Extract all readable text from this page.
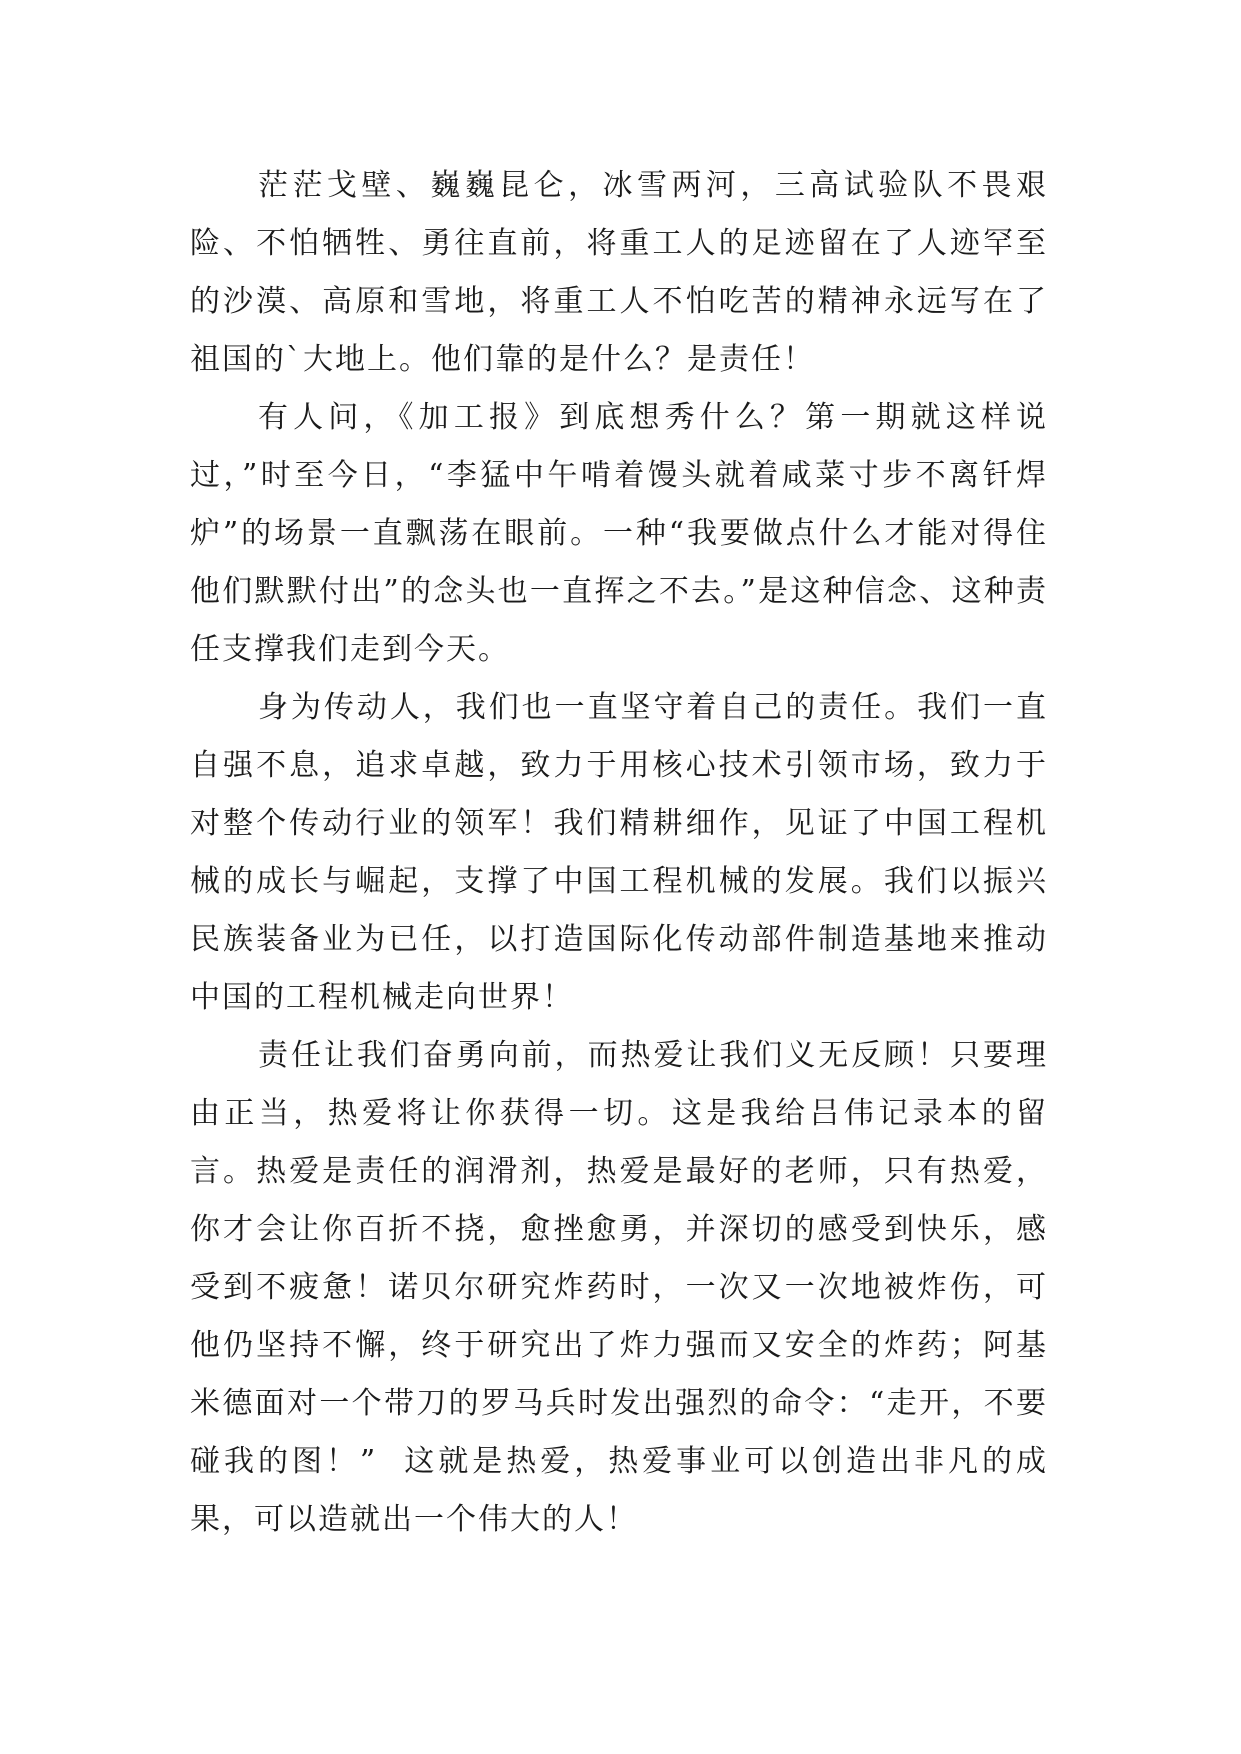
茫茫戈壁、巍巍昆仑，冰雪两河，三高试验队不畏艰险、不怕牺牲、勇往直前，将重工人的足迹留在了人迹罕至的沙漠、高原和雪地，将重工人不怕吃苦的精神永远写在了祖国的`大地上。他们靠的是什么？是责任！

有人问，《加工报》到底想秀什么？第一期就这样说过，”时至今日，“李猛中午啃着馒头就着咸菜寸步不离钎焊炉”的场景一直飘荡在眼前。一种“我要做点什么才能对得住他们默默付出”的念头也一直挥之不去。”是这种信念、这种责任支撑我们走到今天。

身为传动人，我们也一直坚守着自己的责任。我们一直自强不息，追求卓越，致力于用核心技术引领市场，致力于对整个传动行业的领军！我们精耕细作，见证了中国工程机械的成长与崛起，支撑了中国工程机械的发展。我们以振兴民族装备业为已任，以打造国际化传动部件制造基地来推动中国的工程机械走向世界！

责任让我们奋勇向前，而热爱让我们义无反顾！只要理由正当，热爱将让你获得一切。这是我给吕伟记录本的留言。热爱是责任的润滑剂，热爱是最好的老师，只有热爱，你才会让你百折不挠，愈挫愈勇，并深切的感受到快乐，感受到不疲惫！诺贝尔研究炸药时，一次又一次地被炸伤，可他仍坚持不懈，终于研究出了炸力强而又安全的炸药；阿基米德面对一个带刀的罗马兵时发出强烈的命令：“走开，不要碰我的图！”  这就是热爱，热爱事业可以创造出非凡的成果，可以造就出一个伟大的人！
